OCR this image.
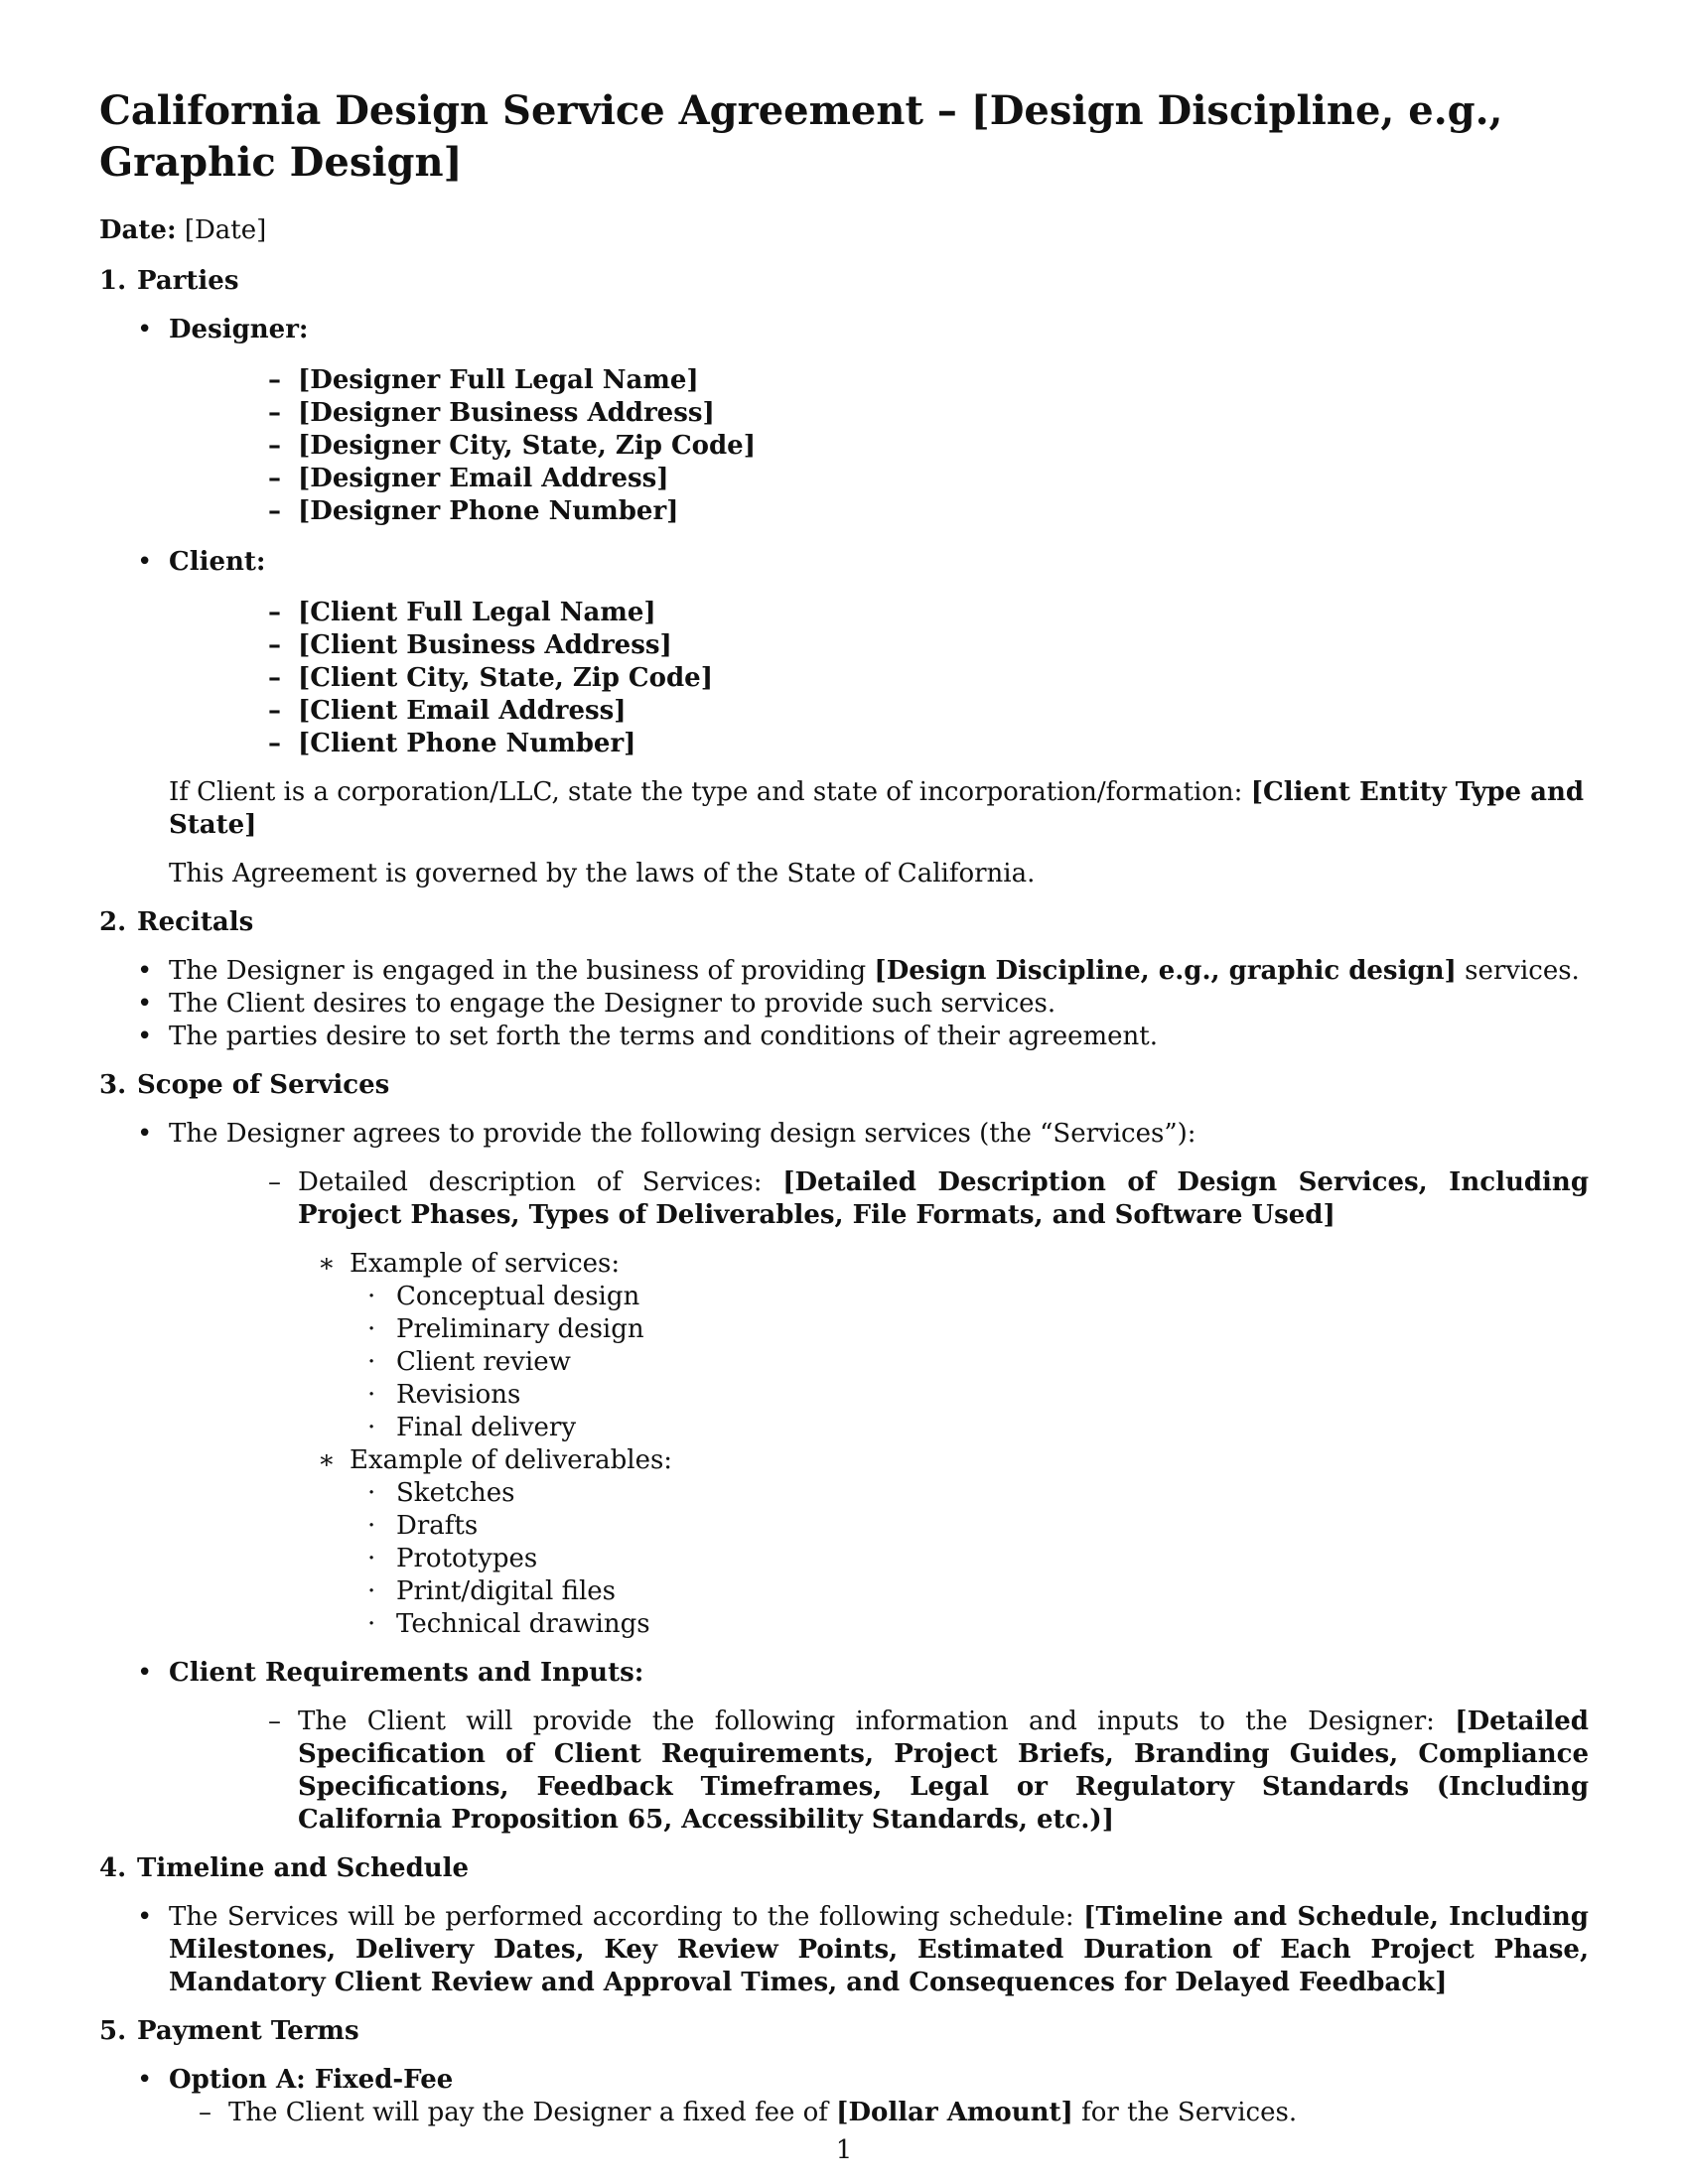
California Design Service Agreement – [Design Discipline, e.g., Graphic Design]
Date: [Date]
1. Parties
• Designer:
– [Designer Full Legal Name]
– [Designer Business Address]
– [Designer City, State, Zip Code]
– [Designer Email Address]
– [Designer Phone Number]
• Client:
– [Client Full Legal Name]
– [Client Business Address]
– [Client City, State, Zip Code]
– [Client Email Address]
– [Client Phone Number]

If Client is a corporation/LLC, state the type and state of incorporation/formation: [Client Entity Type and State]

This Agreement is governed by the laws of the State of California.

2. Recitals
• The Designer is engaged in the business of providing [Design Discipline, e.g., graphic design] services.
• The Client desires to engage the Designer to provide such services.
• The parties desire to set forth the terms and conditions of their agreement.
3. Scope of Services
• The Designer agrees to provide the following design services (the “Services”):
– Detailed description of Services: [Detailed Description of Design Services, Including Project Phases, Types of Deliverables, File Formats, and Software Used]
∗ Example of services:
· Conceptual design
· Preliminary design
· Client review
· Revisions
· Final delivery
∗ Example of deliverables:
· Sketches
· Drafts
· Prototypes
· Print/digital files
· Technical drawings
• Client Requirements and Inputs:
– The Client will provide the following information and inputs to the Designer: [Detailed Specification of Client Requirements, Project Briefs, Branding Guides, Compliance Specifications, Feedback Timeframes, Legal or Regulatory Standards (Including California Proposition 65, Accessibility Standards, etc.)]
4. Timeline and Schedule
• The Services will be performed according to the following schedule: [Timeline and Schedule, Including Milestones, Delivery Dates, Key Review Points, Estimated Duration of Each Project Phase, Mandatory Client Review and Approval Times, and Consequences for Delayed Feedback]
5. Payment Terms
• Option A: Fixed-Fee
– The Client will pay the Designer a fixed fee of [Dollar Amount] for the Services.
1
